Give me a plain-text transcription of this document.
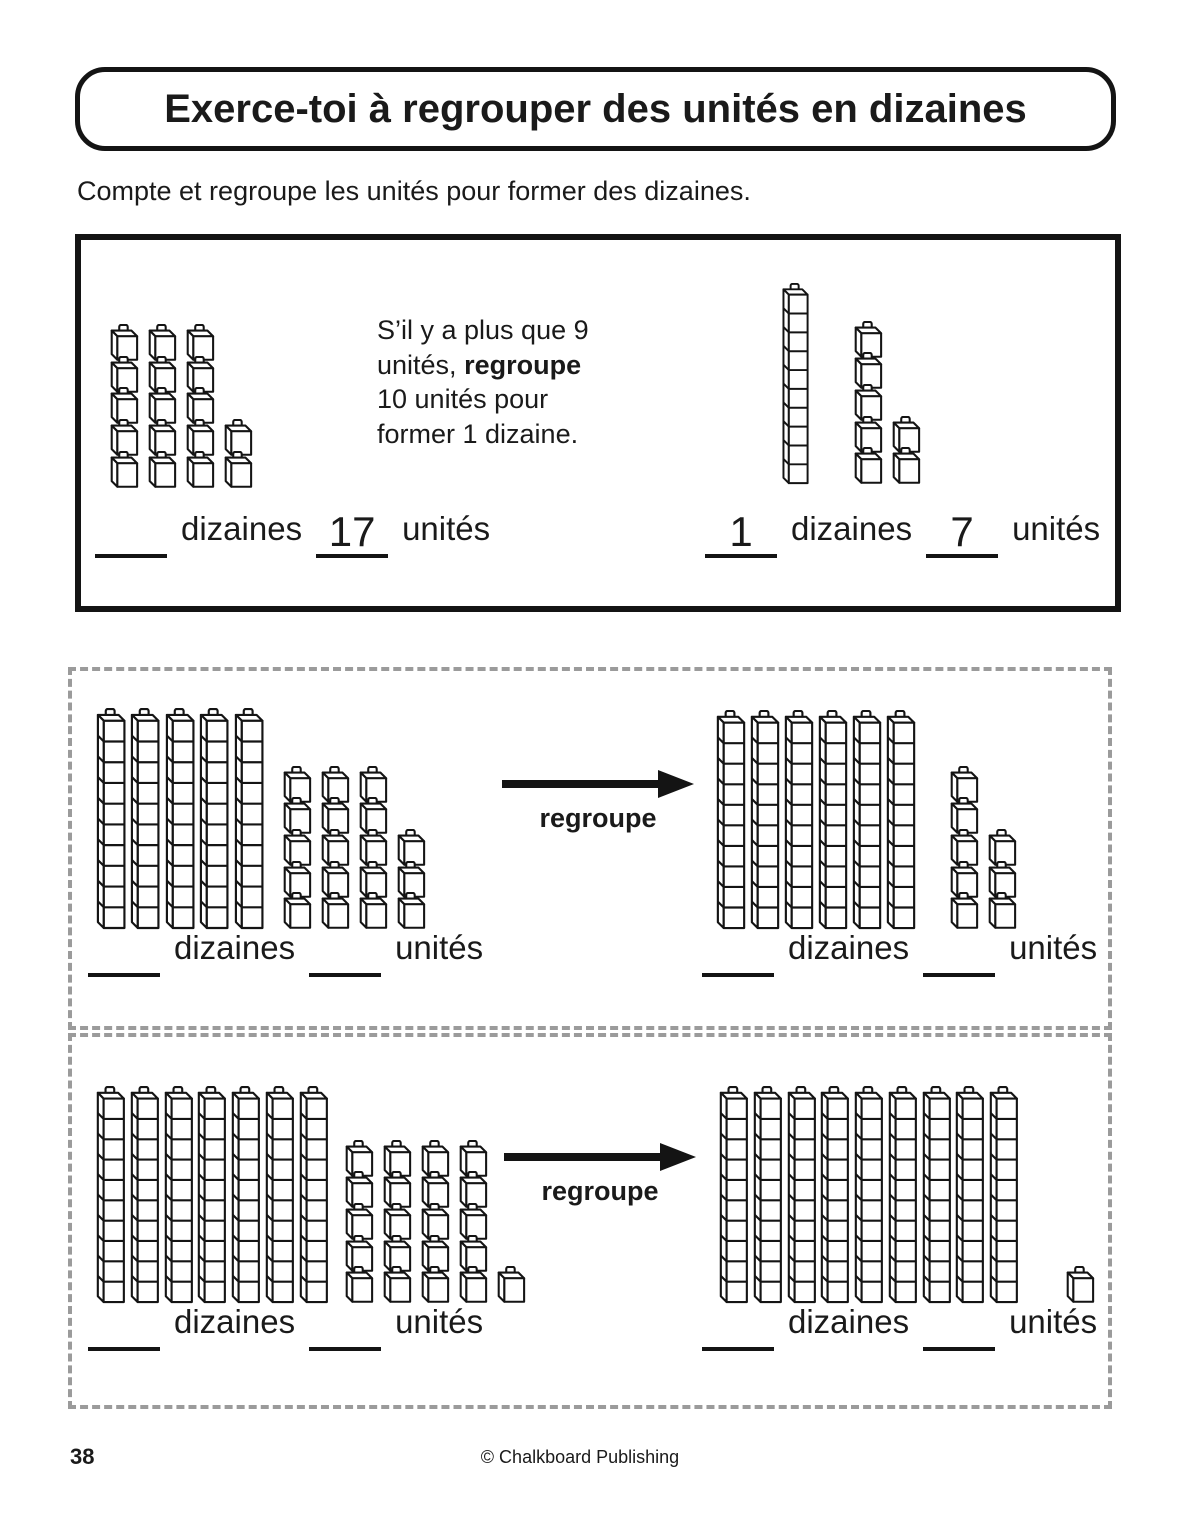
Exerce-toi à regrouper des unités en dizaines
Compte et regroupe les unités pour former des dizaines.
S’il y a plus que 9
unités, regroupe
10 unités pour
former 1 dizaine.
dizaines 17 unités	1 dizaines 7 unités
regroupe
dizaines	unités	dizaines	unités
regroupe
dizaines	unités	dizaines	unités
38	© Chalkboard Publishing
